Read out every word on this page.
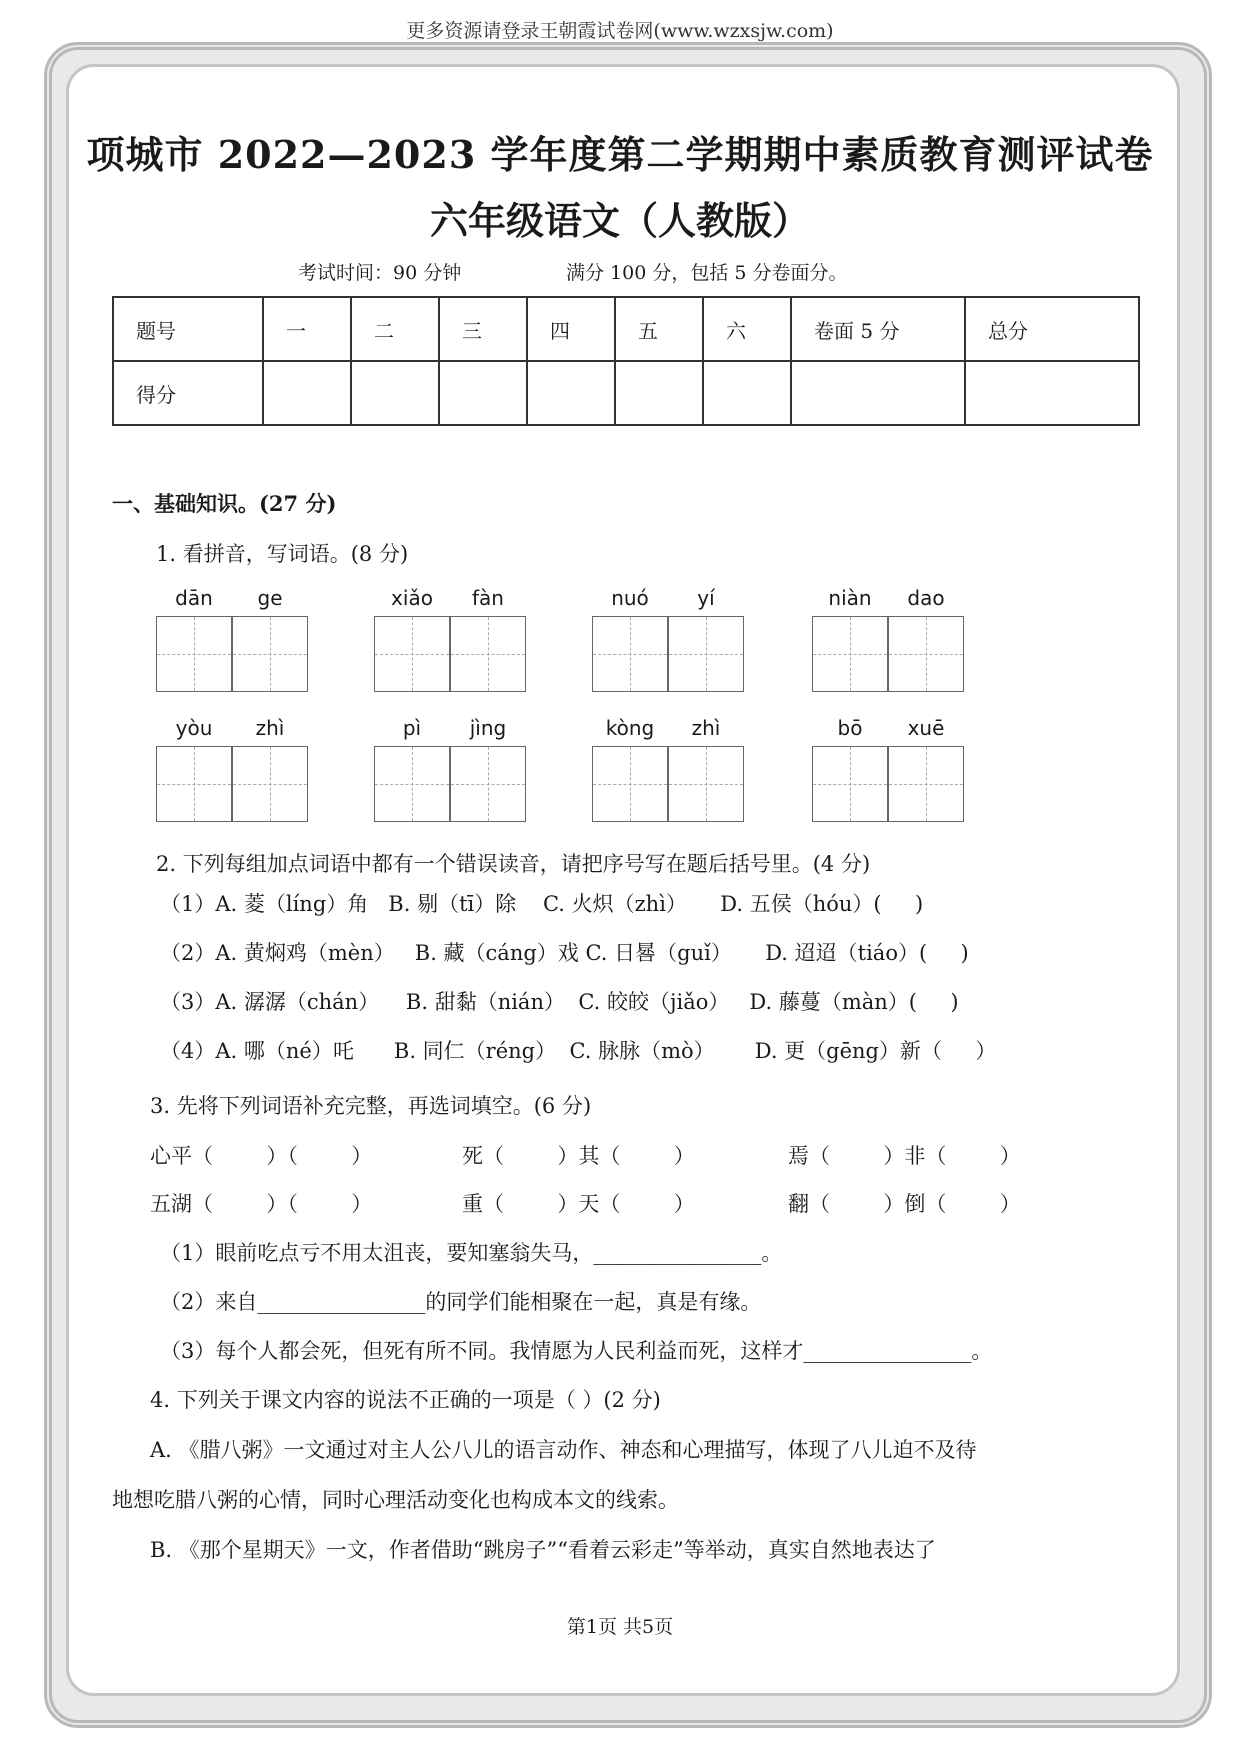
更多资源请登录王朝霞试卷网(www.wzxsjw.com)
项城市 2022—2023 学年度第二学期期中素质教育测评试卷
六年级语文（人教版）
考试时间：90 分钟	满分 100 分，包括 5 分卷面分。
题号	一	二	三	四	五	六	卷面 5 分	总分
得分								
一、基础知识。(27 分)
1. 看拼音，写词语。(8 分)
dān	ge	xiǎo	fàn	nuó	yí	niàn	dao
yòu	zhì	pì	jìng	kòng	zhì	bō	xuē
2. 下列每组加点词语中都有一个错误读音，请把序号写在题后括号里。(4 分)
（1）A. 菱（líng）角   B. 剔（tī）除    C. 火炽（zhì）     D. 五侯（hóu）(     )
（2）A. 黄焖鸡（mèn）   B. 藏（cáng）戏 C. 日晷（guǐ）     D. 迢迢（tiáo）(     )
（3）A. 潺潺（chán）    B. 甜黏（nián）  C. 皎皎（jiǎo）   D. 藤蔓（màn）(     )
（4）A. 哪（né）吒      B. 同仁（réng）  C. 脉脉（mò）      D. 更（gēng）新（     ）
3. 先将下列词语补充完整，再选词填空。(6 分)
心平（        ）（        ）	死（        ）其（        ）	焉（        ）非（        ）
五湖（        ）（        ）	重（        ）天（        ）	翻（        ）倒（        ）
（1）眼前吃点亏不用太沮丧，要知塞翁失马，________________。
（2）来自________________的同学们能相聚在一起，真是有缘。
（3）每个人都会死，但死有所不同。我情愿为人民利益而死，这样才________________。
4. 下列关于课文内容的说法不正确的一项是（ ）(2 分)
A. 《腊八粥》一文通过对主人公八儿的语言动作、神态和心理描写，体现了八儿迫不及待
地想吃腊八粥的心情，同时心理活动变化也构成本文的线索。
B. 《那个星期天》一文，作者借助“跳房子”“看着云彩走”等举动，真实自然地表达了
第1页 共5页
